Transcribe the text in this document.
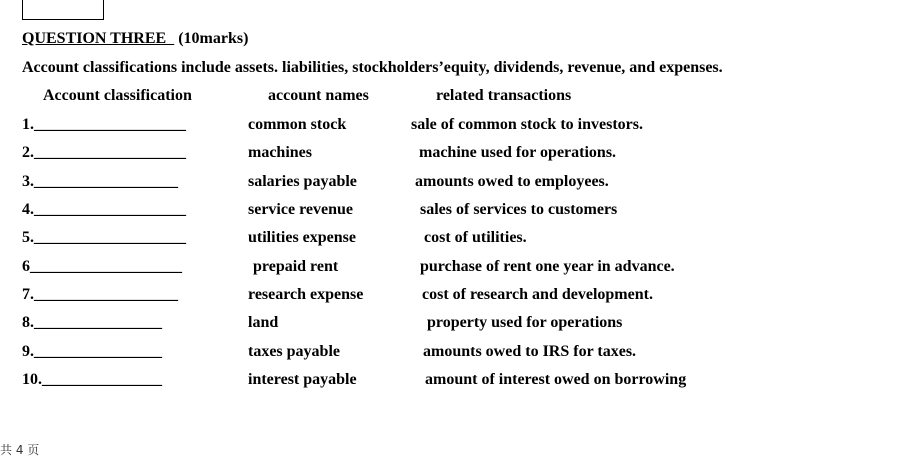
QUESTION THREE   (10marks)
Account classifications include assets. liabilities, stockholders’equity, dividends, revenue, and expenses.
Account classification	account names	related transactions
1.___________________	common stock	sale of common stock to investors.
2.___________________	machines	machine used for operations.
3.__________________	salaries payable	amounts owed to employees.
4.___________________	service revenue	sales of services to customers
5.___________________	utilities expense	cost of utilities.
6___________________	prepaid rent	purchase of rent one year in advance.
7.__________________	research expense	cost of research and development.
8.________________	land	property used for operations
9.________________	taxes payable	amounts owed to IRS for taxes.
10._______________	interest payable	amount of interest owed on borrowing
共 4 页
